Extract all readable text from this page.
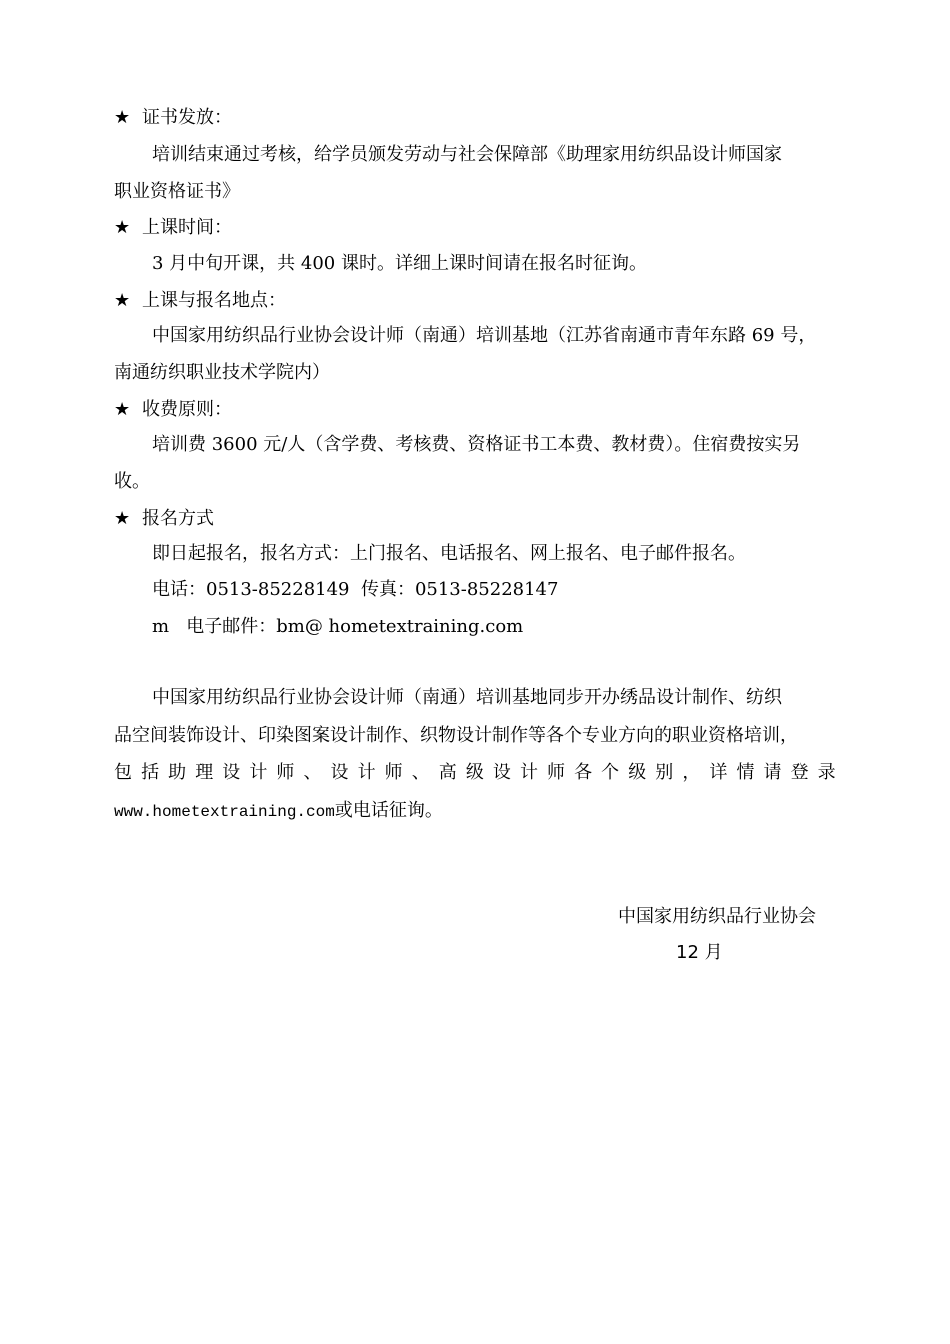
★ 证书发放：
培训结束通过考核，给学员颁发劳动与社会保障部《助理家用纺织品设计师国家
职业资格证书》
★ 上课时间：
3 月中旬开课，共 400 课时。详细上课时间请在报名时征询。
★ 上课与报名地点：
中国家用纺织品行业协会设计师（南通）培训基地（江苏省南通市青年东路 69 号，
南通纺织职业技术学院内）
★ 收费原则：
培训费 3600 元/人（含学费、考核费、资格证书工本费、教材费）。住宿费按实另
收。
★ 报名方式
即日起报名，报名方式：上门报名、电话报名、网上报名、电子邮件报名。
电话：0513-85228149  传真：0513-85228147
m   电子邮件：bm@ hometextraining.com
中国家用纺织品行业协会设计师（南通）培训基地同步开办绣品设计制作、纺织
品空间装饰设计、印染图案设计制作、织物设计制作等各个专业方向的职业资格培训，
包 括 助 理 设 计 师 、 设 计 师 、 高 级 设 计 师 各 个 级 别 ， 详 情 请 登 录
www.hometextraining.com或电话征询。
中国家用纺织品行业协会
12 月
